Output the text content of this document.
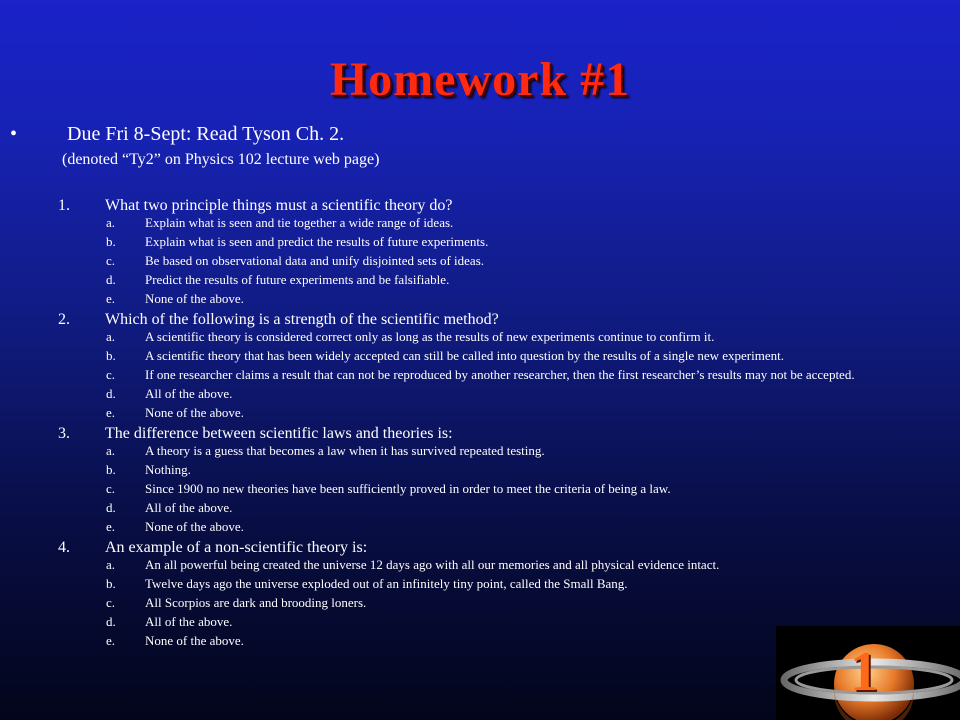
Homework #1
• Due Fri 8-Sept: Read Tyson Ch. 2.
(denoted “Ty2” on Physics 102 lecture web page)
1. What two principle things must a scientific theory do?
a. Explain what is seen and tie together a wide range of ideas.
b. Explain what is seen and predict the results of future experiments.
c. Be based on observational data and unify disjointed sets of ideas.
d. Predict the results of future experiments and be falsifiable.
e. None of the above.
2. Which of the following is a strength of the scientific method?
a. A scientific theory is considered correct only as long as the results of new experiments continue to confirm it.
b. A scientific theory that has been widely accepted can still be called into question by the results of a single new experiment.
c. If one researcher claims a result that can not be reproduced by another researcher, then the first researcher’s results may not be accepted.
d. All of the above.
e. None of the above.
3. The difference between scientific laws and theories is:
a. A theory is a guess that becomes a law when it has survived repeated testing.
b. Nothing.
c. Since 1900 no new theories have been sufficiently proved in order to meet the criteria of being a law.
d. All of the above.
e. None of the above.
4. An example of a non-scientific theory is:
a. An all powerful being created the universe 12 days ago with all our memories and all physical evidence intact.
b. Twelve days ago the universe exploded out of an infinitely tiny point, called the Small Bang.
c. All Scorpios are dark and brooding loners.
d. All of the above.
e. None of the above.
1
